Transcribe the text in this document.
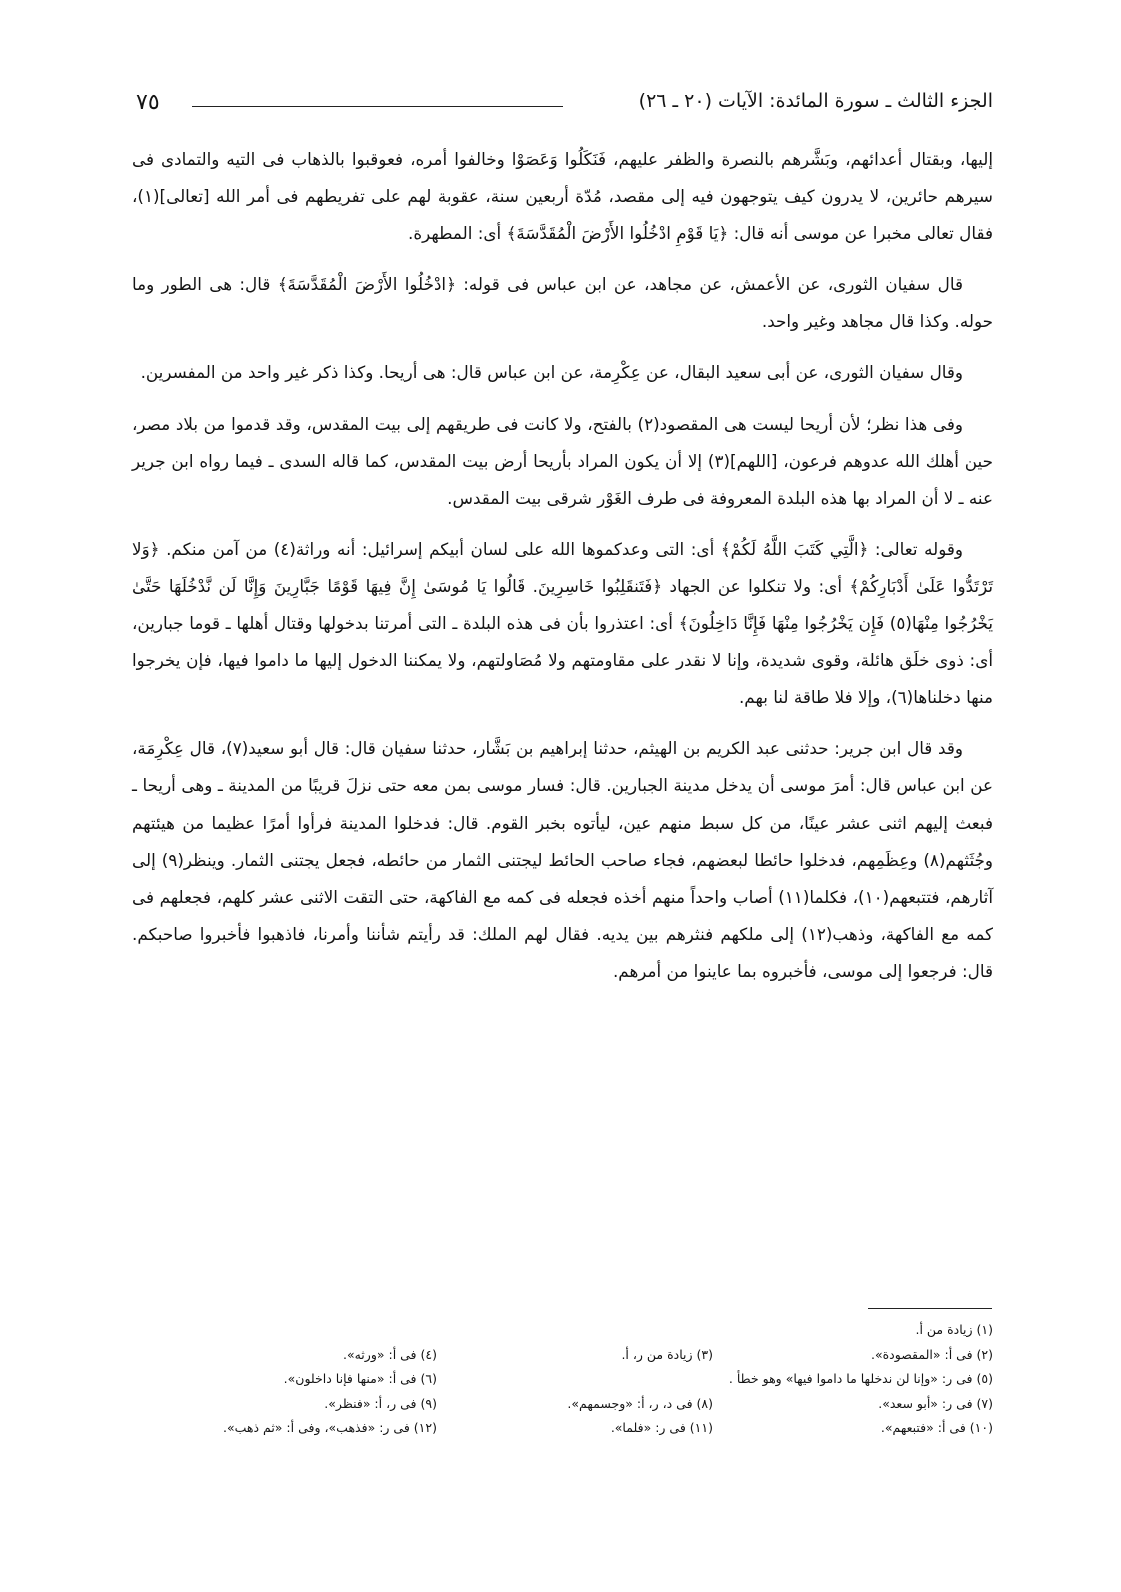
٧٥	الجزء الثالث ـ سورة المائدة: الآيات (٢٠ ـ ٢٦)

إليها، وبقتال أعدائهم، وبَشَّرهم بالنصرة والظفر عليهم، فَنَكَلُوا وَعَصَوْا وخالفوا أمره، فعوقبوا بالذهاب فى التيه والتمادى فى سيرهم حائرين، لا يدرون كيف يتوجهون فيه إلى مقصد، مُدّة أربعين سنة، عقوبة لهم على تفريطهم فى أمر الله [تعالى](١)، فقال تعالى مخبرا عن موسى أنه قال: ﴿يَا قَوْمِ ادْخُلُوا الأَرْضَ الْمُقَدَّسَةَ﴾ أى: المطهرة.

قال سفيان الثورى، عن الأعمش، عن مجاهد، عن ابن عباس فى قوله: ﴿ادْخُلُوا الأَرْضَ الْمُقَدَّسَةَ﴾ قال: هى الطور وما حوله. وكذا قال مجاهد وغير واحد.

وقال سفيان الثورى، عن أبى سعيد البقال، عن عِكْرِمة، عن ابن عباس قال: هى أريحا. وكذا ذكر غير واحد من المفسرين.

وفى هذا نظر؛ لأن أريحا ليست هى المقصود(٢) بالفتح، ولا كانت فى طريقهم إلى بيت المقدس، وقد قدموا من بلاد مصر، حين أهلك الله عدوهم فرعون، [اللهم](٣) إلا أن يكون المراد بأريحا أرض بيت المقدس، كما قاله السدى ـ فيما رواه ابن جرير عنه ـ لا أن المراد بها هذه البلدة المعروفة فى طرف الغَوْر شرقى بيت المقدس.

وقوله تعالى: ﴿الَّتِي كَتَبَ اللَّهُ لَكُمْ﴾ أى: التى وعدكموها الله على لسان أبيكم إسرائيل: أنه وراثة(٤) من آمن منكم. ﴿وَلا تَرْتَدُّوا عَلَىٰ أَدْبَارِكُمْ﴾ أى: ولا تنكلوا عن الجهاد ﴿فَتَنقَلِبُوا خَاسِرِينَ. قَالُوا يَا مُوسَىٰ إِنَّ فِيهَا قَوْمًا جَبَّارِينَ وَإِنَّا لَن نَّدْخُلَهَا حَتَّىٰ يَخْرُجُوا مِنْهَا(٥) فَإِن يَخْرُجُوا مِنْهَا فَإِنَّا دَاخِلُونَ﴾ أى: اعتذروا بأن فى هذه البلدة ـ التى أمرتنا بدخولها وقتال أهلها ـ قوما جبارين، أى: ذوى خلَق هائلة، وقوى شديدة، وإنا لا نقدر على مقاومتهم ولا مُصَاولتهم، ولا يمكننا الدخول إليها ما داموا فيها، فإن يخرجوا منها دخلناها(٦)، وإلا فلا طاقة لنا بهم.

وقد قال ابن جرير: حدثنى عبد الكريم بن الهيثم، حدثنا إبراهيم بن بَشَّار، حدثنا سفيان قال: قال أبو سعيد(٧)، قال عِكْرِمَة، عن ابن عباس قال: أمرَ موسى أن يدخل مدينة الجبارين. قال: فسار موسى بمن معه حتى نزلَ قريبًا من المدينة ـ وهى أريحا ـ فبعث إليهم اثنى عشر عينًا، من كل سبط منهم عين، ليأتوه بخبر القوم. قال: فدخلوا المدينة فرأوا أمرًا عظيما من هيئتهم وجُثَثهم(٨) وعِظَمِهم، فدخلوا حائطا لبعضهم، فجاء صاحب الحائط ليجتنى الثمار من حائطه، فجعل يجتنى الثمار. وينظر(٩) إلى آثارهم، فتتبعهم(١٠)، فكلما(١١) أصاب واحداً منهم أخذه فجعله فى كمه مع الفاكهة، حتى التقت الاثنى عشر كلهم، فجعلهم فى كمه مع الفاكهة، وذهب(١٢) إلى ملكهم فنثرهم بين يديه. فقال لهم الملك: قد رأيتم شأننا وأمرنا، فاذهبوا فأخبروا صاحبكم. قال: فرجعوا إلى موسى، فأخبروه بما عاينوا من أمرهم.

(١) زيادة من أ.
(٢) فى أ: «المقصودة».
(٣) زيادة من ر، أ.
(٤) فى أ: «ورثه».
(٥) فى ر: «وإنا لن ندخلها ما داموا فيها» وهو خطأ .
(٦) فى أ: «منها فإنا داخلون».
(٧) فى ر: «أبو سعد».
(٨) فى د، ر، أ: «وجسمهم».
(٩) فى ر، أ: «فنظر».
(١٠) فى أ: «فتبعهم».
(١١) فى ر: «فلما».
(١٢) فى ر: «فذهب»، وفى أ: «ثم ذهب».
